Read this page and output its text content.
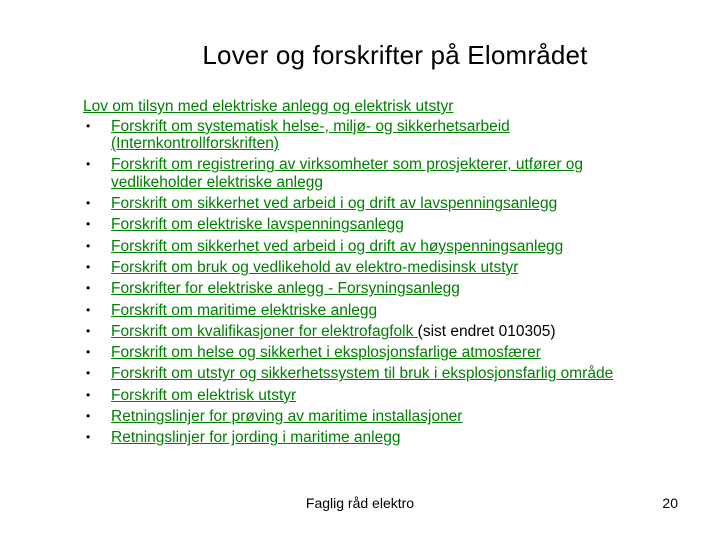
Lover og forskrifter på Elområdet
Lov om tilsyn med elektriske anlegg og elektrisk utstyr
• Forskrift om systematisk helse-, miljø- og sikkerhetsarbeid (Internkontrollforskriften)
• Forskrift om registrering av virksomheter som prosjekterer, utfører og vedlikeholder elektriske anlegg
• Forskrift om sikkerhet ved arbeid i og drift av lavspenningsanlegg
• Forskrift om elektriske lavspenningsanlegg
• Forskrift om sikkerhet ved arbeid i og drift av høyspenningsanlegg
• Forskrift om bruk og vedlikehold av elektro-medisinsk utstyr
• Forskrifter for elektriske anlegg - Forsyningsanlegg
• Forskrift om maritime elektriske anlegg
• Forskrift om kvalifikasjoner for elektrofagfolk (sist endret 010305)
• Forskrift om helse og sikkerhet i eksplosjonsfarlige atmosfærer
• Forskrift om utstyr og sikkerhetssystem til bruk i eksplosjonsfarlig område
• Forskrift om elektrisk utstyr
• Retningslinjer for prøving av maritime installasjoner
• Retningslinjer for jording i maritime anlegg
Faglig råd elektro	20
